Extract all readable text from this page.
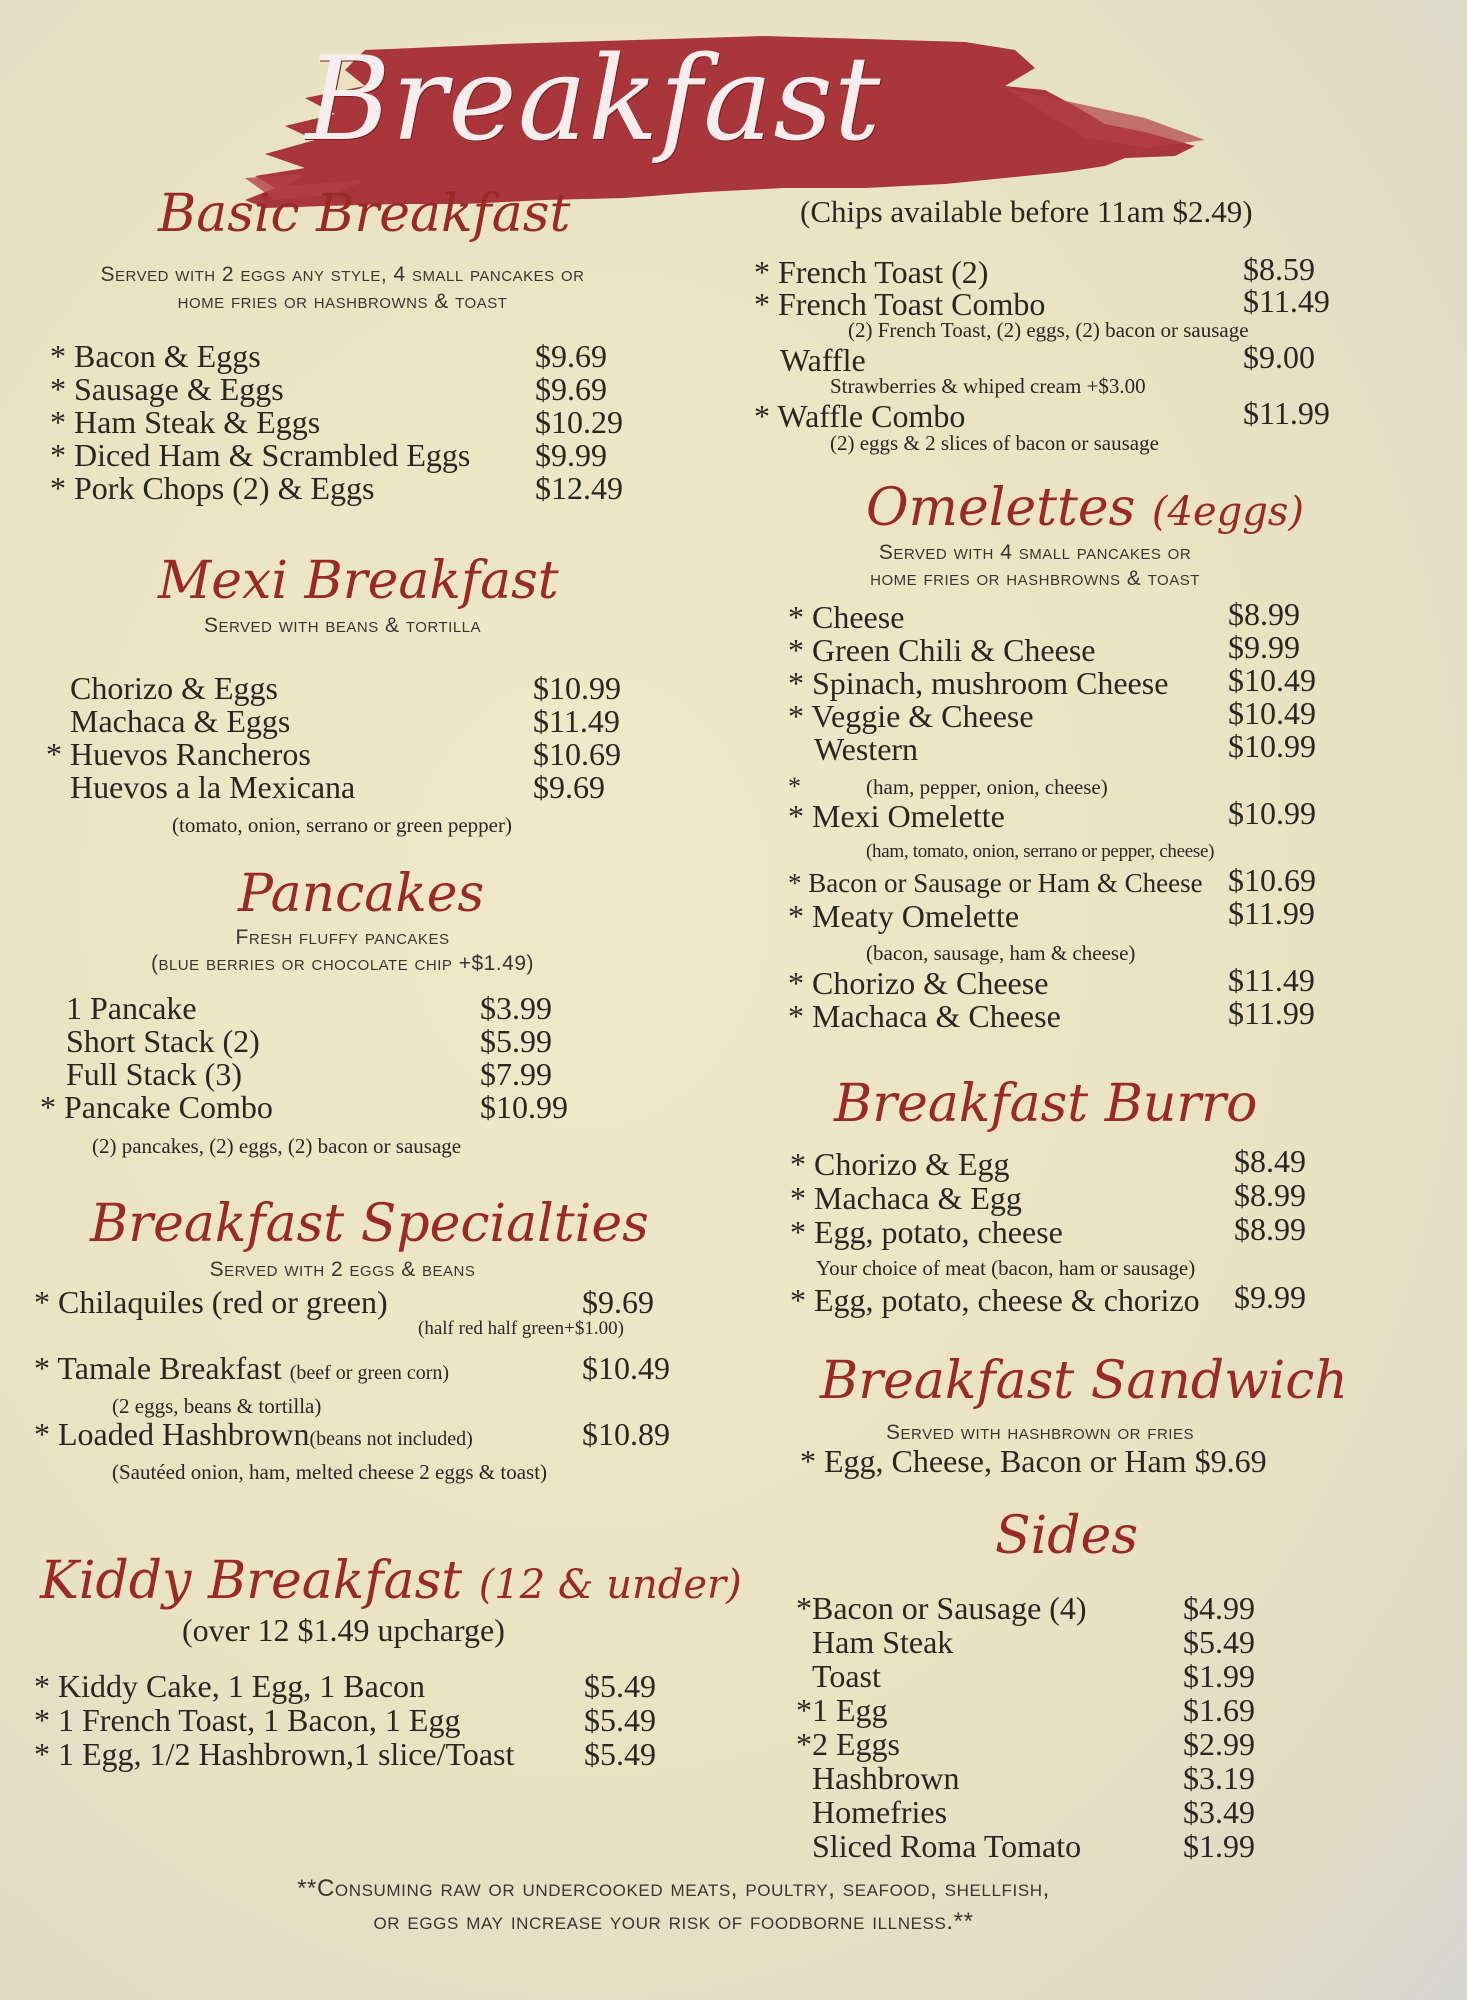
Breakfast
Basic Breakfast
Served with 2 eggs any style, 4 small pancakes or
home fries or hashbrowns & toast
* Bacon & Eggs	$9.69
* Sausage & Eggs	$9.69
* Ham Steak & Eggs	$10.29
* Diced Ham & Scrambled Eggs $9.99
* Pork Chops (2) & Eggs	$12.49
Mexi Breakfast
Served with beans & tortilla
Chorizo & Eggs	$10.99
Machaca & Eggs	$11.49
* Huevos Rancheros	$10.69
Huevos a la Mexicana	$9.69
(tomato, onion, serrano or green pepper)
Pancakes
Fresh fluffy pancakes
(blue berries or chocolate chip +$1.49)
1 Pancake	$3.99
Short Stack (2)	$5.99
Full Stack (3)	$7.99
* Pancake Combo	$10.99
(2) pancakes, (2) eggs, (2) bacon or sausage
Breakfast Specialties
Served with 2 eggs & beans
* Chilaquiles (red or green)	$9.69
(half red half green+$1.00)
* Tamale Breakfast (beef or green corn)	$10.49
(2 eggs, beans & tortilla)
* Loaded Hashbrown(beans not included)	$10.89
(Sautéed onion, ham, melted cheese 2 eggs & toast)
Kiddy Breakfast (12 & under)
(over 12 $1.49 upcharge)
* Kiddy Cake, 1 Egg, 1 Bacon	$5.49
* 1 French Toast, 1 Bacon, 1 Egg	$5.49
* 1 Egg, 1/2 Hashbrown,1 slice/Toast $5.49
(Chips available before 11am $2.49)
* French Toast (2)	$8.59
* French Toast Combo	$11.49
(2) French Toast, (2) eggs, (2) bacon or sausage
Waffle	$9.00
Strawberries & whiped cream +$3.00
* Waffle Combo	$11.99
(2) eggs & 2 slices of bacon or sausage
Omelettes (4eggs)
Served with 4 small pancakes or
home fries or hashbrowns & toast
* Cheese	$8.99
* Green Chili & Cheese	$9.99
* Spinach, mushroom Cheese $10.49
* Veggie & Cheese	$10.49
Western	$10.99
*	(ham, pepper, onion, cheese)
* Mexi Omelette	$10.99
(ham, tomato, onion, serrano or pepper, cheese)
* Bacon or Sausage or Ham & Cheese $10.69
* Meaty Omelette	$11.99
(bacon, sausage, ham & cheese)
* Chorizo & Cheese	$11.49
* Machaca & Cheese	$11.99
Breakfast Burro
* Chorizo & Egg	$8.49
* Machaca & Egg	$8.99
* Egg, potato, cheese	$8.99
Your choice of meat (bacon, ham or sausage)
* Egg, potato, cheese & chorizo $9.99
Breakfast Sandwich
Served with hashbrown or fries
* Egg, Cheese, Bacon or Ham $9.69
Sides
*Bacon or Sausage (4)	$4.99
Ham Steak	$5.49
Toast	$1.99
*1 Egg	$1.69
*2 Eggs	$2.99
Hashbrown	$3.19
Homefries	$3.49
Sliced Roma Tomato	$1.99
**Consuming raw or undercooked meats, poultry, seafood, shellfish,
or eggs may increase your risk of foodborne illness.**
